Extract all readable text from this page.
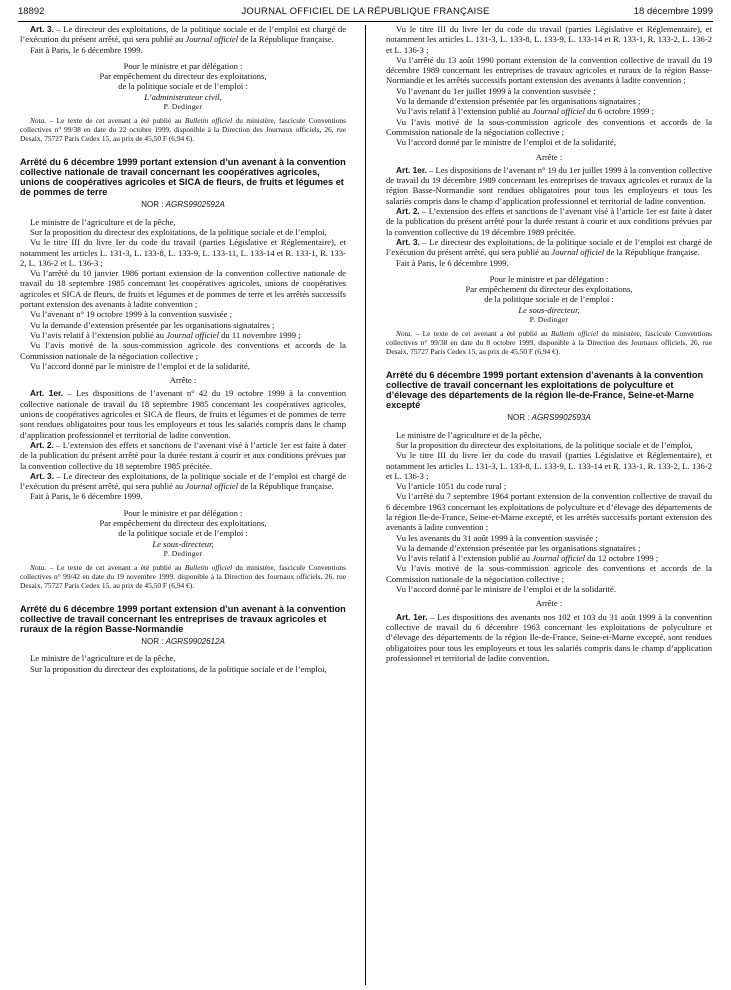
18892	JOURNAL OFFICIEL DE LA RÉPUBLIQUE FRANÇAISE	18 décembre 1999

Art. 3. – Le directeur des exploitations, de la politique sociale et de l’emploi est chargé de l’exécution du présent arrêté, qui sera publié au Journal officiel de la République française.

Fait à Paris, le 6 décembre 1999.

Pour le ministre et par délégation :

Par empêchement du directeur des exploitations,

de la politique sociale et de l’emploi :

L’administrateur civil,

P. Dedinger

Nota. – Le texte de cet avenant a été publié au Bulletin officiel du ministère, fascicule Conventions collectives n° 99/38 en date du 22 octobre 1999, disponible à la Direction des Journaux officiels, 26, rue Desaix, 75727 Paris Cedex 15, au prix de 45,50 F (6,94 €).

Arrêté du 6 décembre 1999 portant extension d’un avenant à la convention collective nationale de travail concernant les coopératives agricoles, unions de coopératives agricoles et SICA de fleurs, de fruits et légumes et de pommes de terre

NOR : AGRS9902592A

Le ministre de l’agriculture et de la pêche,

Sur la proposition du directeur des exploitations, de la politique sociale et de l’emploi,

Vu le titre III du livre Ier du code du travail (parties Législative et Réglementaire), et notamment les articles L. 131-3, L. 133-8, L. 133-9, L. 133-11, L. 133-14 et R. 133-1, R. 133-2, L. 136-2 et L. 136-3 ;

Vu l’arrêté du 10 janvier 1986 portant extension de la convention collective nationale de travail du 18 septembre 1985 concernant les coopératives agricoles, unions de coopératives agricoles et SICA de fleurs, de fruits et légumes et de pommes de terre et les arrêtés successifs portant extension des avenants à ladite convention ;

Vu l’avenant n° 19 octobre 1999 à la convention susvisée ;

Vu la demande d’extension présentée par les organisations signataires ;

Vu l’avis relatif à l’extension publié au Journal officiel du 11 novembre 1999 ;

Vu l’avis motivé de la sous-commission agricole des conventions et accords de la Commission nationale de la négociation collective ;

Vu l’accord donné par le ministre de l’emploi et de la solidarité,

Arrête :

Art. 1er. – Les dispositions de l’avenant n° 42 du 19 octobre 1999 à la convention collective nationale de travail du 18 septembre 1985 concernant les coopératives agricoles, unions de coopératives agricoles et SICA de fleurs, de fruits et légumes et de pommes de terre sont rendues obligatoires pour tous les employeurs et tous les salariés compris dans le champ d’application professionnel et territorial de ladite convention.

Art. 2. – L’extension des effets et sanctions de l’avenant visé à l’article 1er est faite à dater de la publication du présent arrêté pour la durée restant à courir et aux conditions prévues par la convention collective du 18 septembre 1985 précitée.

Art. 3. – Le directeur des exploitations, de la politique sociale et de l’emploi est chargé de l’exécution du présent arrêté, qui sera publié au Journal officiel de la République française.

Fait à Paris, le 6 décembre 1999.

Pour le ministre et par délégation :

Par empêchement du directeur des exploitations,

de la politique sociale et de l’emploi :

Le sous-directeur,

P. Dedinger

Nota. – Le texte de cet avenant a été publié au Bulletin officiel du ministère, fascicule Conventions collectives n° 99/42 en date du 19 novembre 1999, disponible à la Direction des Journaux officiels, 26, rue Desaix, 75727 Paris Cedex 15, au prix de 45,50 F (6,94 €).

Arrêté du 6 décembre 1999 portant extension d’un avenant à la convention collective de travail concernant les entreprises de travaux agricoles et ruraux de la région Basse-Normandie

NOR : AGRS9902612A

Le ministre de l’agriculture et de la pêche,

Sur la proposition du directeur des exploitations, de la politique sociale et de l’emploi,

Vu le titre III du livre Ier du code du travail (parties Législative et Réglementaire), et notamment les articles L. 131-3, L. 133-8, L. 133-9, L. 133-14 et R. 133-1, R. 133-2, L. 136-2 et L. 136-3 ;

Vu l’arrêté du 13 août 1990 portant extension de la convention collective de travail du 19 décembre 1989 concernant les entreprises de travaux agricoles et ruraux de la région Basse-Normandie et les arrêtés successifs portant extension des avenants à ladite convention ;

Vu l’avenant du 1er juillet 1999 à la convention susvisée ;

Vu la demande d’extension présentée par les organisations signataires ;

Vu l’avis relatif à l’extension publié au Journal officiel du 6 octobre 1999 ;

Vu l’avis motivé de la sous-commission agricole des conventions et accords de la Commission nationale de la négociation collective ;

Vu l’accord donné par le ministre de l’emploi et de la solidarité,

Arrête :

Art. 1er. – Les dispositions de l’avenant n° 19 du 1er juillet 1999 à la convention collective de travail du 19 décembre 1989 concernant les entreprises de travaux agricoles et ruraux de la région Basse-Normandie sont rendues obligatoires pour tous les employeurs et tous les salariés compris dans le champ d’application professionnel et territorial de ladite convention.

Art. 2. – L’extension des effets et sanctions de l’avenant visé à l’article 1er est faite à dater de la publication du présent arrêté pour la durée restant à courir et aux conditions prévues par la convention collective du 19 décembre 1989 précitée.

Art. 3. – Le directeur des exploitations, de la politique sociale et de l’emploi est chargé de l’exécution du présent arrêté, qui sera publié au Journal officiel de la République française.

Fait à Paris, le 6 décembre 1999.

Pour le ministre et par délégation :

Par empêchement du directeur des exploitations,

de la politique sociale et de l’emploi :

Le sous-directeur,

P. Dedinger

Nota. – Le texte de cet avenant a été publié au Bulletin officiel du ministère, fascicule Conventions collectives n° 99/38 en date du 8 octobre 1999, disponible à la Direction des Journaux officiels, 26, rue Desaix, 75727 Paris Cedex 15, au prix de 45,50 F (6,94 €).

Arrêté du 6 décembre 1999 portant extension d’avenants à la convention collective de travail concernant les exploitations de polyculture et d’élevage des départements de la région Ile-de-France, Seine-et-Marne excepté

NOR : AGRS9902593A

Le ministre de l’agriculture et de la pêche,

Sur la proposition du directeur des exploitations, de la politique sociale et de l’emploi,

Vu le titre III du livre Ier du code du travail (parties Législative et Réglementaire), et notamment les articles L. 131-3, L. 133-8, L. 133-9, L. 133-14 et R. 133-1, R. 133-2, L. 136-2 et L. 136-3 ;

Vu l’article 1051 du code rural ;

Vu l’arrêté du 7 septembre 1964 portant extension de la convention collective de travail du 6 décembre 1963 concernant les exploitations de polyculture et d’élevage des départements de la région Ile-de-France, Seine-et-Marne excepté, et les arrêtés successifs portant extension des avenants à ladite convention ;

Vu les avenants du 31 août 1999 à la convention susvisée ;

Vu la demande d’extension présentée par les organisations signataires ;

Vu l’avis relatif à l’extension publié au Journal officiel du 12 octobre 1999 ;

Vu l’avis motivé de la sous-commission agricole des conventions et accords de la Commission nationale de la négociation collective ;

Vu l’accord donné par le ministre de l’emploi et de la solidarité.

Arrête :

Art. 1er. – Les dispositions des avenants nos 102 et 103 du 31 août 1999 à la convention collective de travail du 6 décembre 1963 concernant les exploitations de polyculture et d’élevage des départements de la région Ile-de-France, Seine-et-Marne excepté, sont rendues obligatoires pour tous les employeurs et tous les salariés compris dans le champ d’application professionnel et territorial de ladite convention.
